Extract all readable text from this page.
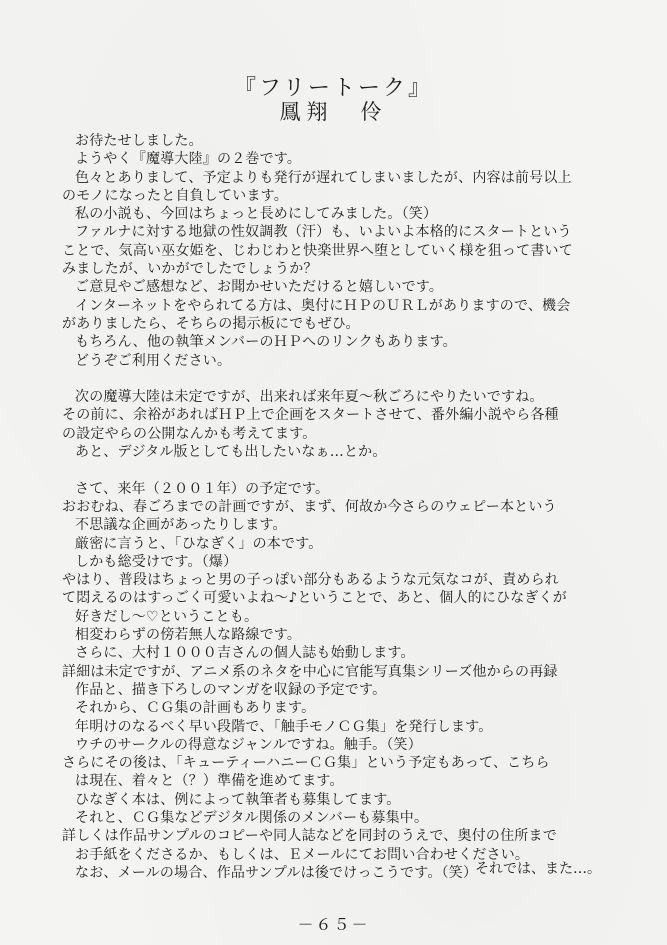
『フリートーク』
鳳翔　伶
お待たせしました。
ようやく『魔導大陸』の２巻です。
色々とありまして、予定よりも発行が遅れてしまいましたが、内容は前号以上
のモノになったと自負しています。
私の小説も、今回はちょっと長めにしてみました。（笑）
ファルナに対する地獄の性奴調教（汗）も、いよいよ本格的にスタートという
ことで、気高い巫女姫を、じわじわと快楽世界へ堕としていく様を狙って書いて
みましたが、いかがでしたでしょうか？
ご意見やご感想など、お聞かせいただけると嬉しいです。
インターネットをやられてる方は、奥付にＨＰのＵＲＬがありますので、機会
がありましたら、そちらの掲示板にでもぜひ。
もちろん、他の執筆メンバーのＨＰへのリンクもあります。
どうぞご利用ください。
次の魔導大陸は未定ですが、出来れば来年夏～秋ごろにやりたいですね。
その前に、余裕があればＨＰ上で企画をスタートさせて、番外編小説やら各種
の設定やらの公開なんかも考えてます。
あと、デジタル版としても出したいなぁ…とか。
さて、来年（２００１年）の予定です。
おおむね、春ごろまでの計画ですが、まず、何故か今さらのウェピー本という
不思議な企画があったりします。
厳密に言うと、「ひなぎく」の本です。
しかも総受けです。（爆）
やはり、普段はちょっと男の子っぽい部分もあるような元気なコが、責められ
て悶えるのはすっごく可愛いよね～♪ということで、あと、個人的にひなぎくが
好きだし～♡ということも。
相変わらずの傍若無人な路線です。
さらに、大村１０００吉さんの個人誌も始動します。
詳細は未定ですが、アニメ系のネタを中心に官能写真集シリーズ他からの再録
作品と、描き下ろしのマンガを収録の予定です。
それから、ＣＧ集の計画もあります。
年明けのなるべく早い段階で、「触手モノＣＧ集」を発行します。
ウチのサークルの得意なジャンルですね。触手。（笑）
さらにその後は、「キューティーハニーＣＧ集」という予定もあって、こちら
は現在、着々と（？）準備を進めてます。
ひなぎく本は、例によって執筆者も募集してます。
それと、ＣＧ集などデジタル関係のメンバーも募集中。
詳しくは作品サンプルのコピーや同人誌などを同封のうえで、奥付の住所まで
お手紙をくださるか、もしくは、Ｅメールにてお問い合わせください。
なお、メールの場合、作品サンプルは後でけっこうです。（笑）
それでは、また…。
－６５－
